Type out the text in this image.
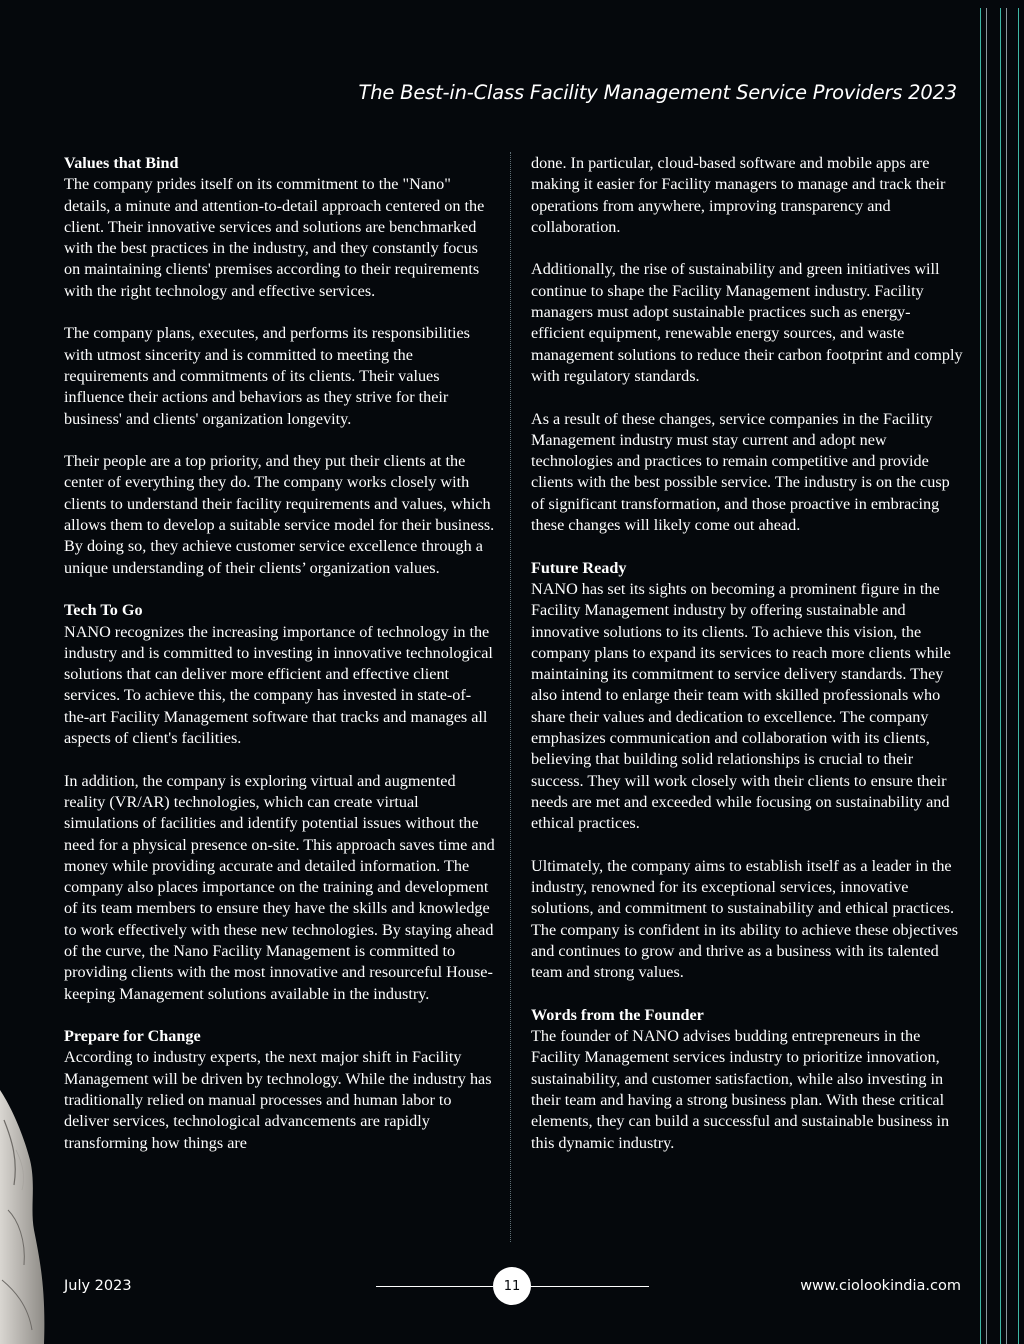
The Best-in-Class Facility Management Service Providers 2023

Values that Bind
The company prides itself on its commitment to the "Nano" details, a minute and attention-to-detail approach centered on the client. Their innovative services and solutions are benchmarked with the best practices in the industry, and they constantly focus on maintaining clients' premises according to their requirements with the right technology and effective services.

The company plans, executes, and performs its responsibilities with utmost sincerity and is committed to meeting the requirements and commitments of its clients. Their values influence their actions and behaviors as they strive for their business' and clients' organization longevity.

Their people are a top priority, and they put their clients at the center of everything they do. The company works closely with clients to understand their facility requirements and values, which allows them to develop a suitable service model for their business. By doing so, they achieve customer service excellence through a unique understanding of their clients’ organization values.

Tech To Go
NANO recognizes the increasing importance of technology in the industry and is committed to investing in innovative technological solutions that can deliver more efficient and effective client services. To achieve this, the company has invested in state-of-the-art Facility Management software that tracks and manages all aspects of client's facilities.

In addition, the company is exploring virtual and augmented reality (VR/AR) technologies, which can create virtual simulations of facilities and identify potential issues without the need for a physical presence on-site. This approach saves time and money while providing accurate and detailed information. The company also places importance on the training and development of its team members to ensure they have the skills and knowledge to work effectively with these new technologies. By staying ahead of the curve, the Nano Facility Management is committed to providing clients with the most innovative and resourceful House-keeping Management solutions available in the industry.

Prepare for Change
According to industry experts, the next major shift in Facility Management will be driven by technology. While the industry has traditionally relied on manual processes and human labor to deliver services, technological advancements are rapidly transforming how things are

done. In particular, cloud-based software and mobile apps are making it easier for Facility managers to manage and track their operations from anywhere, improving transparency and collaboration.

Additionally, the rise of sustainability and green initiatives will continue to shape the Facility Management industry. Facility managers must adopt sustainable practices such as energy-efficient equipment, renewable energy sources, and waste management solutions to reduce their carbon footprint and comply with regulatory standards.

As a result of these changes, service companies in the Facility Management industry must stay current and adopt new technologies and practices to remain competitive and provide clients with the best possible service. The industry is on the cusp of significant transformation, and those proactive in embracing these changes will likely come out ahead.

Future Ready
NANO has set its sights on becoming a prominent figure in the Facility Management industry by offering sustainable and innovative solutions to its clients. To achieve this vision, the company plans to expand its services to reach more clients while maintaining its commitment to service delivery standards. They also intend to enlarge their team with skilled professionals who share their values and dedication to excellence. The company emphasizes communication and collaboration with its clients, believing that building solid relationships is crucial to their success. They will work closely with their clients to ensure their needs are met and exceeded while focusing on sustainability and ethical practices.

Ultimately, the company aims to establish itself as a leader in the industry, renowned for its exceptional services, innovative solutions, and commitment to sustainability and ethical practices. The company is confident in its ability to achieve these objectives and continues to grow and thrive as a business with its talented team and strong values.

Words from the Founder
The founder of NANO advises budding entrepreneurs in the Facility Management services industry to prioritize innovation, sustainability, and customer satisfaction, while also investing in their team and having a strong business plan. With these critical elements, they can build a successful and sustainable business in this dynamic industry.

July 2023	11	www.ciolookindia.com
